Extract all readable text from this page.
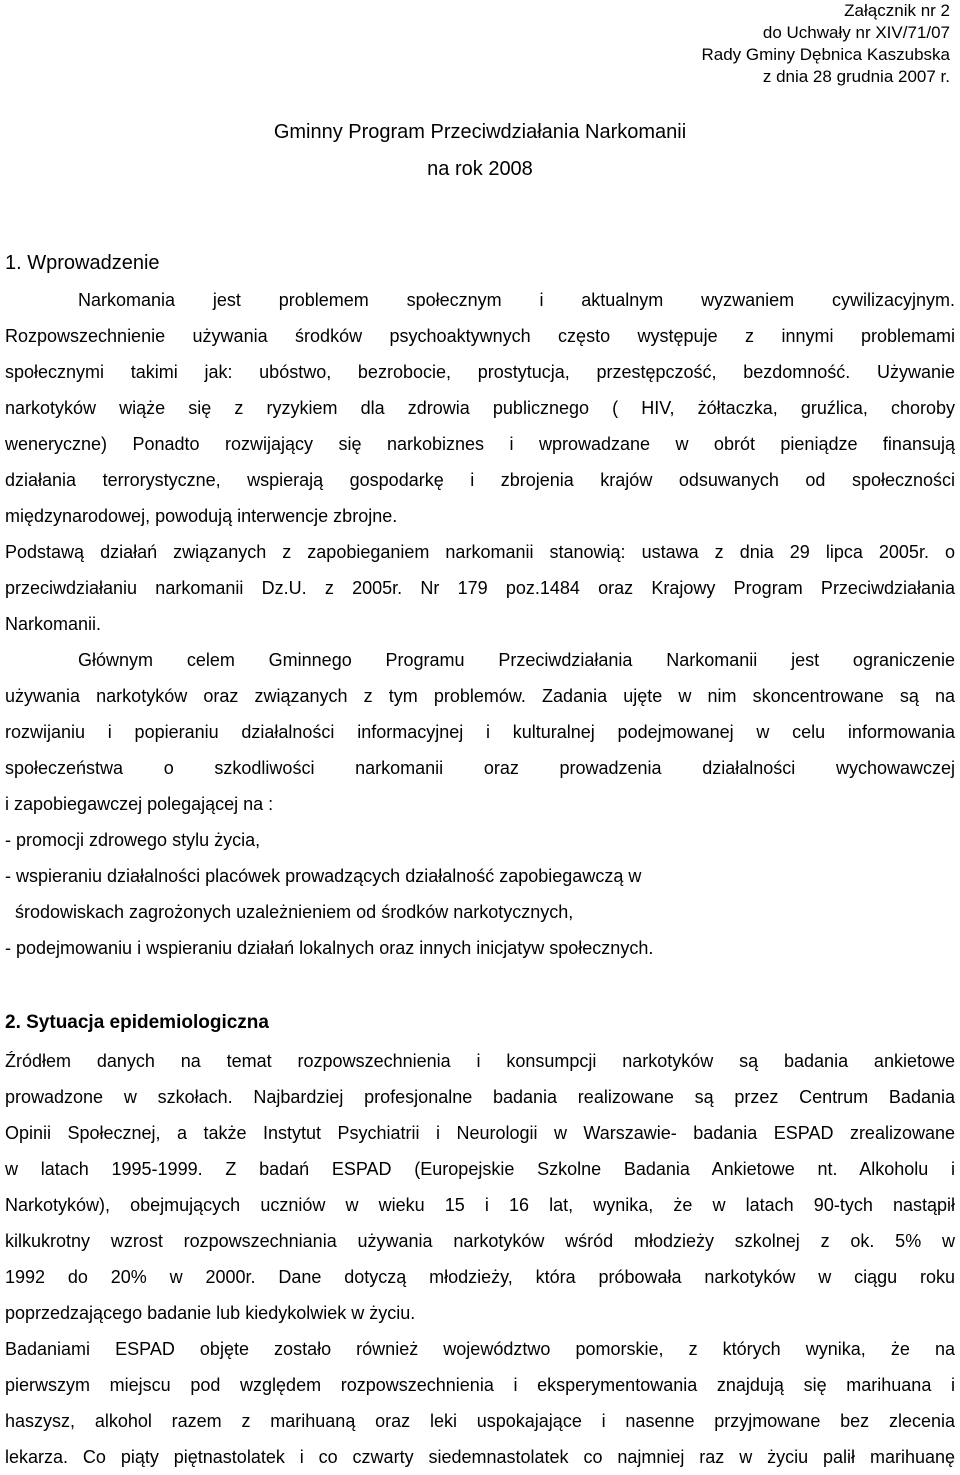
Załącznik nr 2
do Uchwały nr XIV/71/07
Rady Gminy Dębnica Kaszubska
z dnia 28 grudnia 2007 r.
Gminny Program Przeciwdziałania Narkomanii
na rok 2008
1. Wprowadzenie
Narkomania jest problemem społecznym i aktualnym wyzwaniem cywilizacyjnym.
Rozpowszechnienie używania środków psychoaktywnych często występuje z innymi problemami
społecznymi takimi jak: ubóstwo, bezrobocie, prostytucja, przestępczość, bezdomność. Używanie
narkotyków wiąże się z ryzykiem dla zdrowia publicznego ( HIV, żółtaczka, gruźlica, choroby
weneryczne) Ponadto rozwijający się narkobiznes i wprowadzane w obrót pieniądze finansują
działania terrorystyczne, wspierają gospodarkę i zbrojenia krajów odsuwanych od społeczności
międzynarodowej, powodują interwencje zbrojne.
Podstawą działań związanych z zapobieganiem narkomanii stanowią: ustawa z dnia 29 lipca 2005r. o
przeciwdziałaniu narkomanii Dz.U. z 2005r. Nr 179 poz.1484 oraz Krajowy Program Przeciwdziałania
Narkomanii.
Głównym celem Gminnego Programu Przeciwdziałania Narkomanii jest ograniczenie
używania narkotyków oraz związanych z tym problemów. Zadania ujęte w nim skoncentrowane są na
rozwijaniu i popieraniu działalności informacyjnej i kulturalnej podejmowanej w celu informowania
społeczeństwa o szkodliwości narkomanii oraz prowadzenia działalności wychowawczej
i zapobiegawczej polegającej na :
- promocji zdrowego stylu życia,
- wspieraniu działalności placówek prowadzących działalność zapobiegawczą w
środowiskach zagrożonych uzależnieniem od środków narkotycznych,
- podejmowaniu i wspieraniu działań lokalnych oraz innych inicjatyw społecznych.
2. Sytuacja epidemiologiczna
Źródłem danych na temat rozpowszechnienia i konsumpcji narkotyków są badania ankietowe
prowadzone w szkołach. Najbardziej profesjonalne badania realizowane są przez Centrum Badania
Opinii Społecznej, a także Instytut Psychiatrii i Neurologii w Warszawie- badania ESPAD zrealizowane
w latach 1995-1999. Z badań ESPAD (Europejskie Szkolne Badania Ankietowe nt. Alkoholu i
Narkotyków), obejmujących uczniów w wieku 15 i 16 lat, wynika, że w latach 90-tych nastąpił
kilkukrotny wzrost rozpowszechniania używania narkotyków wśród młodzieży szkolnej z ok. 5% w
1992 do 20% w 2000r. Dane dotyczą młodzieży, która próbowała narkotyków w ciągu roku
poprzedzającego badanie lub kiedykolwiek w życiu.
Badaniami ESPAD objęte zostało również województwo pomorskie, z których wynika, że na
pierwszym miejscu pod względem rozpowszechnienia i eksperymentowania znajdują się marihuana i
haszysz, alkohol razem z marihuaną oraz leki uspokajające i nasenne przyjmowane bez zlecenia
lekarza. Co piąty piętnastolatek i co czwarty siedemnastolatek co najmniej raz w życiu palił marihuanę
